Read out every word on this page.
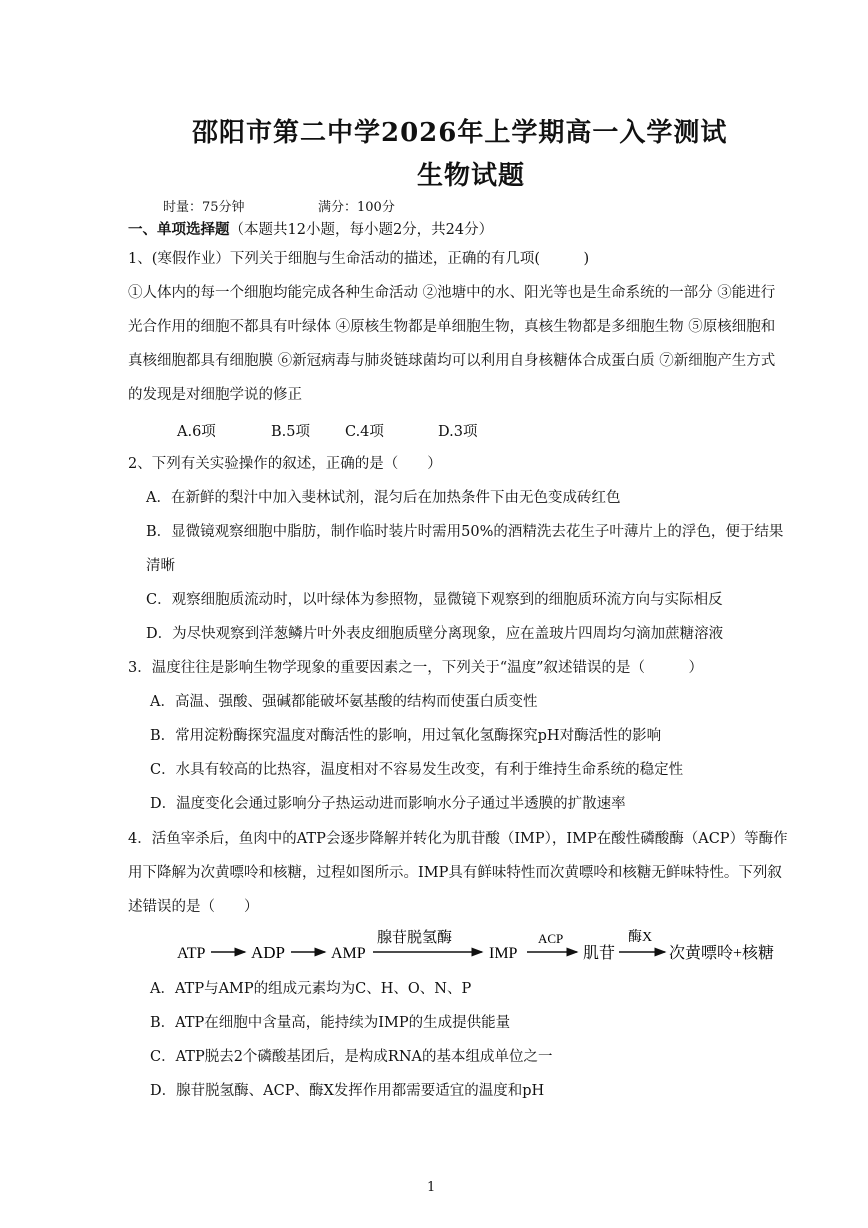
邵阳市第二中学2026年上学期高一入学测试
生物试题
时量：75分钟	满分：100分
一、单项选择题（本题共12小题，每小题2分，共24分）
1、(寒假作业）下列关于细胞与生命活动的描述，正确的有几项(　　　)
①人体内的每一个细胞均能完成各种生命活动 ②池塘中的水、阳光等也是生命系统的一部分 ③能进行
光合作用的细胞不都具有叶绿体 ④原核生物都是单细胞生物，真核生物都是多细胞生物 ⑤原核细胞和
真核细胞都具有细胞膜 ⑥新冠病毒与肺炎链球菌均可以利用自身核糖体合成蛋白质 ⑦新细胞产生方式
的发现是对细胞学说的修正
A.6项	B.5项 C.4项	D.3项
2、下列有关实验操作的叙述，正确的是（　　）
A．在新鲜的梨汁中加入斐林试剂，混匀后在加热条件下由无色变成砖红色
B．显微镜观察细胞中脂肪，制作临时装片时需用50%的酒精洗去花生子叶薄片上的浮色，便于结果
清晰
C．观察细胞质流动时，以叶绿体为参照物，显微镜下观察到的细胞质环流方向与实际相反
D．为尽快观察到洋葱鳞片叶外表皮细胞质壁分离现象，应在盖玻片四周均匀滴加蔗糖溶液
3．温度往往是影响生物学现象的重要因素之一，下列关于“温度”叙述错误的是（　　　）
A．高温、强酸、强碱都能破坏氨基酸的结构而使蛋白质变性
B．常用淀粉酶探究温度对酶活性的影响，用过氧化氢酶探究pH对酶活性的影响
C．水具有较高的比热容，温度相对不容易发生改变，有利于维持生命系统的稳定性
D．温度变化会通过影响分子热运动进而影响水分子通过半透膜的扩散速率
4．活鱼宰杀后，鱼肉中的ATP会逐步降解并转化为肌苷酸（IMP），IMP在酸性磷酸酶（ACP）等酶作
用下降解为次黄嘌呤和核糖，过程如图所示。IMP具有鲜味特性而次黄嘌呤和核糖无鲜味特性。下列叙
述错误的是（　　）
ATP	ADP	AMP
腺苷脱氢酶
IMP
ACP
肌苷
酶X
次黄嘌呤+核糖
A．ATP与AMP的组成元素均为C、H、O、N、P
B．ATP在细胞中含量高，能持续为IMP的生成提供能量
C．ATP脱去2个磷酸基团后，是构成RNA的基本组成单位之一
D．腺苷脱氢酶、ACP、酶X发挥作用都需要适宜的温度和pH
1
